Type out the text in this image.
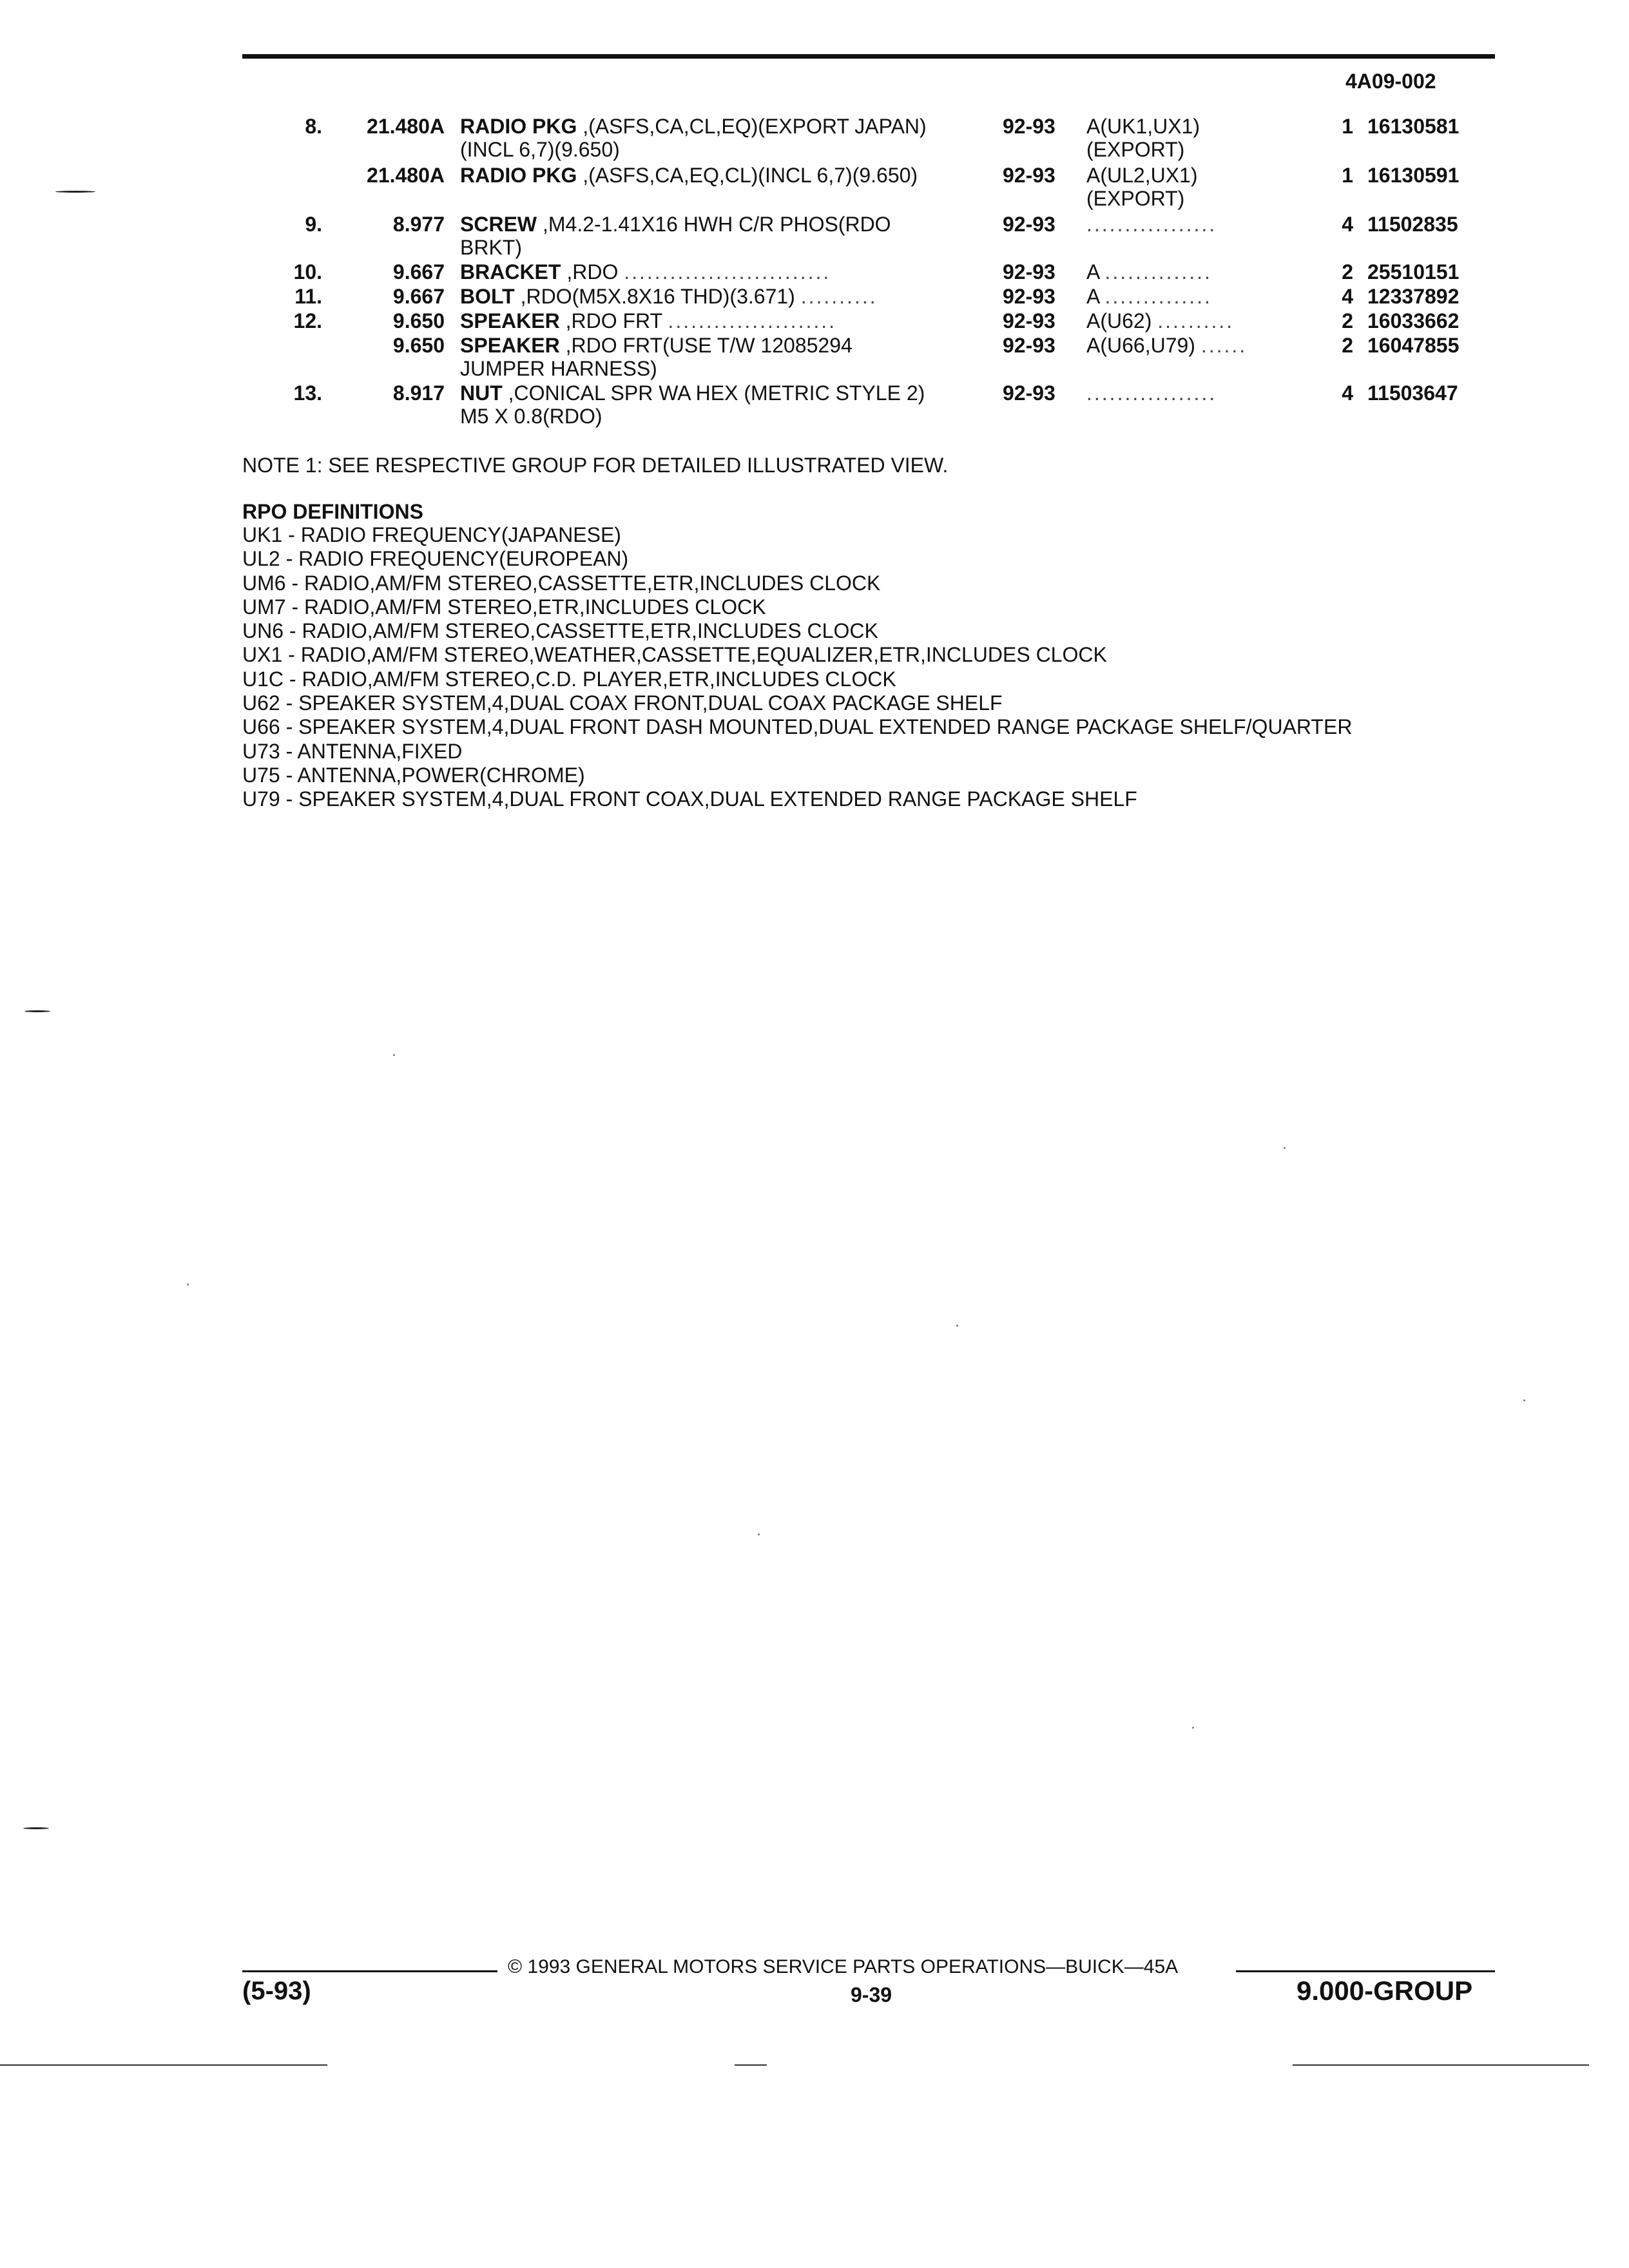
4A09-002
8.	21.480A RADIO PKG ,(ASFS,CA,CL,EQ)(EXPORT JAPAN)	92-93 A(UK1,UX1)	1 16130581
(INCL 6,7)(9.650)	(EXPORT)
21.480A RADIO PKG ,(ASFS,CA,EQ,CL)(INCL 6,7)(9.650)	92-93 A(UL2,UX1)	1 16130591
(EXPORT)
9.	8.977 SCREW ,M4.2-1.41X16 HWH C/R PHOS(RDO	92-93 .................	4 11502835
BRKT)
10.	9.667 BRACKET ,RDO ...........................	92-93 A ..............	2 25510151
11.	9.667 BOLT ,RDO(M5X.8X16 THD)(3.671) ..........	92-93 A ..............	4 12337892
12.	9.650 SPEAKER ,RDO FRT ......................	92-93 A(U62) ..........	2 16033662
9.650 SPEAKER ,RDO FRT(USE T/W 12085294	92-93 A(U66,U79) ......	2 16047855
JUMPER HARNESS)
13.	8.917 NUT ,CONICAL SPR WA HEX (METRIC STYLE 2)	92-93 .................	4 11503647
M5 X 0.8(RDO)
NOTE 1: SEE RESPECTIVE GROUP FOR DETAILED ILLUSTRATED VIEW.
RPO DEFINITIONS
UK1 - RADIO FREQUENCY(JAPANESE)
UL2 - RADIO FREQUENCY(EUROPEAN)
UM6 - RADIO,AM/FM STEREO,CASSETTE,ETR,INCLUDES CLOCK
UM7 - RADIO,AM/FM STEREO,ETR,INCLUDES CLOCK
UN6 - RADIO,AM/FM STEREO,CASSETTE,ETR,INCLUDES CLOCK
UX1 - RADIO,AM/FM STEREO,WEATHER,CASSETTE,EQUALIZER,ETR,INCLUDES CLOCK
U1C - RADIO,AM/FM STEREO,C.D. PLAYER,ETR,INCLUDES CLOCK
U62 - SPEAKER SYSTEM,4,DUAL COAX FRONT,DUAL COAX PACKAGE SHELF
U66 - SPEAKER SYSTEM,4,DUAL FRONT DASH MOUNTED,DUAL EXTENDED RANGE PACKAGE SHELF/QUARTER
U73 - ANTENNA,FIXED
U75 - ANTENNA,POWER(CHROME)
U79 - SPEAKER SYSTEM,4,DUAL FRONT COAX,DUAL EXTENDED RANGE PACKAGE SHELF
© 1993 GENERAL MOTORS SERVICE PARTS OPERATIONS—BUICK—45A
(5-93)	9-39	9.000-GROUP
